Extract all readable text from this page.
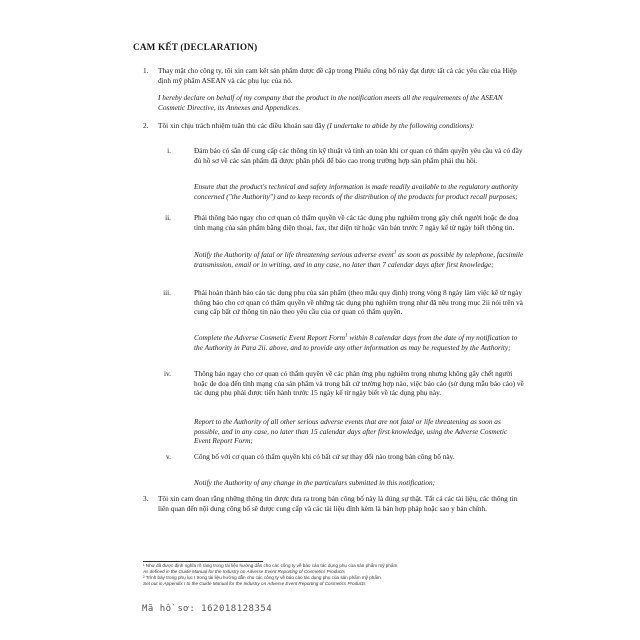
CAM KẾT (DECLARATION)
1. Thay mặt cho công ty, tôi xin cam kết sản phẩm được đề cập trong Phiếu công bố này đạt được tất cả các yêu cầu của Hiệp định mỹ phẩm ASEAN và các phụ lục của nó.
I hereby declare on behalf of my company that the product in the notification meets all the requirements of the ASEAN Cosmetic Directive, its Annexes and Appendices.
2. Tôi xin chịu trách nhiệm tuân thủ các điều khoản sau đây (I undertake to abide by the following conditions):
i.	Đảm bảo có sẵn để cung cấp các thông tin kỹ thuật và tính an toàn khi cơ quan có thẩm quyền yêu cầu và có đầy đủ hồ sơ về các sản phẩm đã được phân phối để báo cao trong trường hợp sản phẩm phải thu hồi.
Ensure that the product's technical and safety information is made readily available to the regulatory authority concerned ("the Authority") and to keep records of the distribution of the products for product recall purposes;
ii.	Phải thông báo ngay cho cơ quan có thẩm quyền về các tác dụng phụ nghiêm trọng gây chết người hoặc đe doạ tính mạng của sản phẩm bằng điện thoại, fax, thư điện tử hoặc văn bản trước 7 ngày kể từ ngày biết thông tin.
Notify the Authority of fatal or life threatening serious adverse event$^1$ as soon as possible by telephone, facsimile transmission, email or in writing, and in any case, no later than 7 calendar days after first knowledge;
iii.	Phải hoàn thành báo cáo tác dụng phụ của sản phẩm (theo mẫu quy định) trong vòng 8 ngày làm việc kể từ ngày thông báo cho cơ quan có thẩm quyền về những tác dụng phụ nghiêm trọng như đã nêu trong mục 2ii nói trên và cung cấp bất cứ thông tin nào theo yêu cầu của cơ quan có thẩm quyền.
Complete the Adverse Cosmetic Event Report Form$^1$ within 8 calendar days from the date of my notification to the Authority in Para 2ii. above, and to provide any other information as may be requested by the Authority;
iv.	Thông báo ngay cho cơ quan có thẩm quyền về các phản ứng phụ nghiêm trọng nhưng không gây chết người hoặc đe doạ đến tính mạng của sản phẩm và trong bất cứ trường hợp nào, việc báo cáo (sử dụng mẫu báo cáo) về tác dụng phụ phải được tiến hành trước 15 ngày kể từ ngày biết về tác dụng phụ này.
Report to the Authority of all other serious adverse events that are not fatal or life threatening as soon as possible, and in any case, no later than 15 calendar days after first knowledge, using the Adverse Cosmetic Event Report Form;
v.	Công bố với cơ quan có thẩm quyền khi có bất cứ sự thay đổi nào trong bản công bố này.
Notify the Authority of any change in the particulars submitted in this notification;
3. Tôi xin cam đoan rằng những thông tin được đưa ra trong bản công bố này là đúng sự thật. Tất cả các tài liệu, các thông tin liên quan đến nội dung công bố sẽ được cung cấp và các tài liệu đính kèm là bản hợp pháp hoặc sao y bản chính.
¹ Như đã được định nghĩa rõ ràng trong tài liệu hướng dẫn cho các công ty về báo cáo tác dụng phụ của sản phẩm mỹ phẩm.
As defined in the Guide Manual for the Industry on Adverse Event Reporting of Cosmetics Products
² Trình bày trong phụ lục I trong tài liệu hướng dẫn cho các công ty về báo cáo tác dụng phụ của sản phẩm mỹ phẩm.
Set out in Appendix I to the Guide Manual for the Industry on Adverse Event Reporting of Cosmetics Products
Mã hồ sơ: 162018128354
